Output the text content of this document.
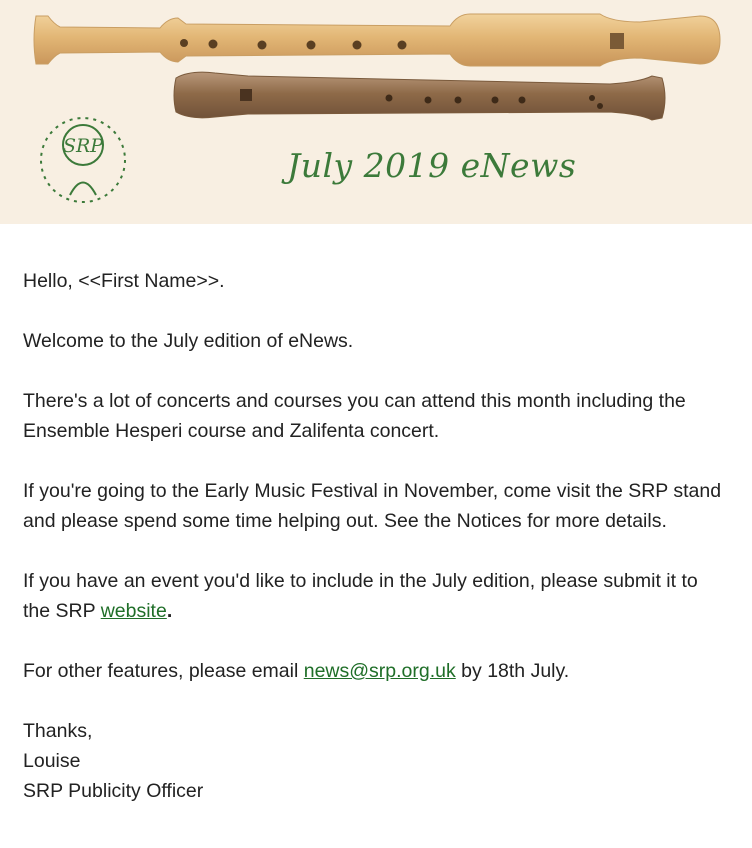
SRP	July 2019 eNews

Hello, <<First Name>>.

Welcome to the July edition of eNews.

There's a lot of concerts and courses you can attend this month including the Ensemble Hesperi course and Zalifenta concert.

If you're going to the Early Music Festival in November, come visit the SRP stand and please spend some time helping out. See the Notices for more details.

If you have an event you'd like to include in the July edition, please submit it to the SRP website.

For other features, please email news@srp.org.uk by 18th July.

Thanks,
Louise
SRP Publicity Officer
